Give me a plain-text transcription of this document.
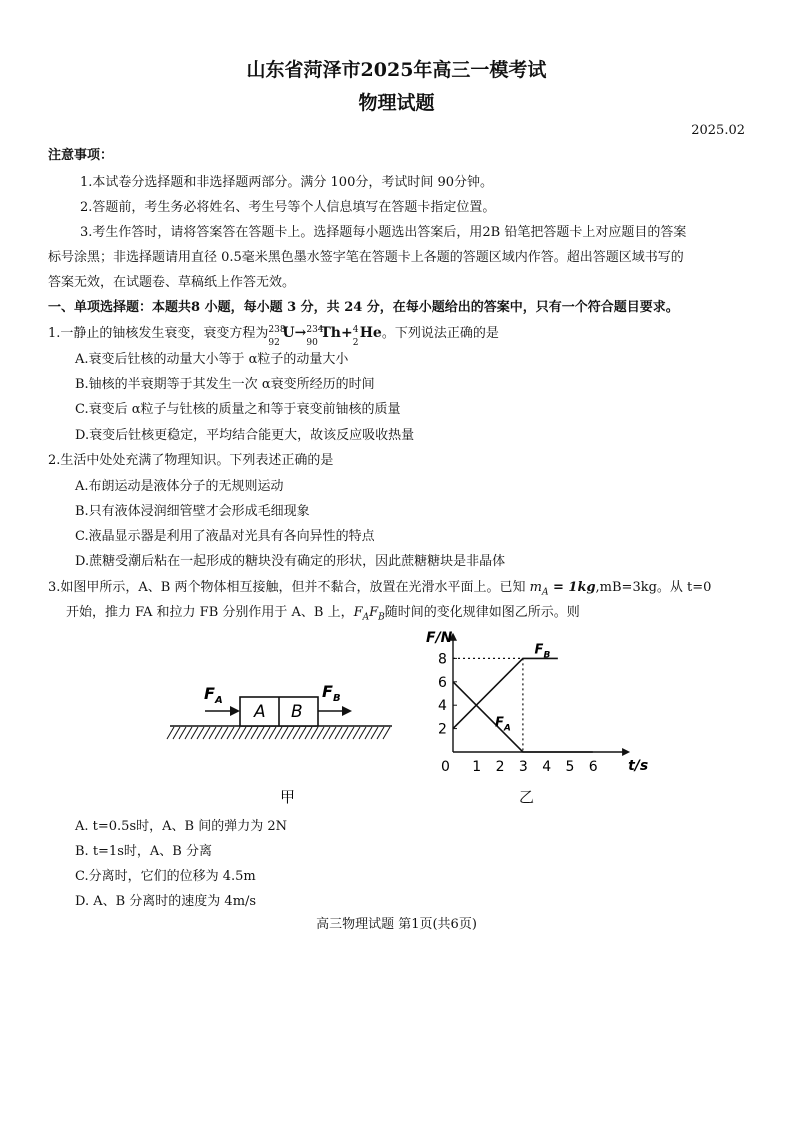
山东省菏泽市2025年高三一模考试
物理试题
2025.02
注意事项：
1.本试卷分选择题和非选择题两部分。满分 100分，考试时间 90分钟。
2.答题前，考生务必将姓名、考生号等个人信息填写在答题卡指定位置。
3.考生作答时，请将答案答在答题卡上。选择题每小题选出答案后，用2B 铅笔把答题卡上对应题目的答案
标号涂黑；非选择题请用直径 0.5毫米黑色墨水签字笔在答题卡上各题的答题区域内作答。超出答题区域书写的
答案无效，在试题卷、草稿纸上作答无效。
一、单项选择题：本题共8 小题，每小题 3 分，共 24 分，在每小题给出的答案中，只有一个符合题目要求。
1.一静止的铀核发生衰变，衰变方程为 238
92
U→ 234
90
Th+ 4
2
He。下列说法正确的是
A.衰变后钍核的动量大小等于 α粒子的动量大小
B.铀核的半衰期等于其发生一次 α衰变所经历的时间
C.衰变后 α粒子与钍核的质量之和等于衰变前铀核的质量
D.衰变后钍核更稳定，平均结合能更大，故该反应吸收热量
2.生活中处处充满了物理知识。下列表述正确的是
A.布朗运动是液体分子的无规则运动
B.只有液体浸润细管壁才会形成毛细现象
C.液晶显示器是利用了液晶对光具有各向异性的特点
D.蔗糖受潮后粘在一起形成的糖块没有确定的形状，因此蔗糖糖块是非晶体
3.如图甲所示，A、B 两个物体相互接触，但并不黏合，放置在光滑水平面上。已知 $m_A = 1kg,mB=3kg$。从 t=0
开始，推力 FA 和拉力 FB 分别作用于 A、B 上，$F_AF_B$随时间的变化规律如图乙所示。则
A B
$F_A$	$F_B$
甲
$F_A$
$F_B$
0 1 2 3 4 5 6
2
4
6
8
F/N
t/s
乙
A. t=0.5s时，A、B 间的弹力为 2N
B. t=1s时，A、B 分离
C.分离时，它们的位移为 4.5m
D. A、B 分离时的速度为 4m/s
高三物理试题 第1页(共6页)
